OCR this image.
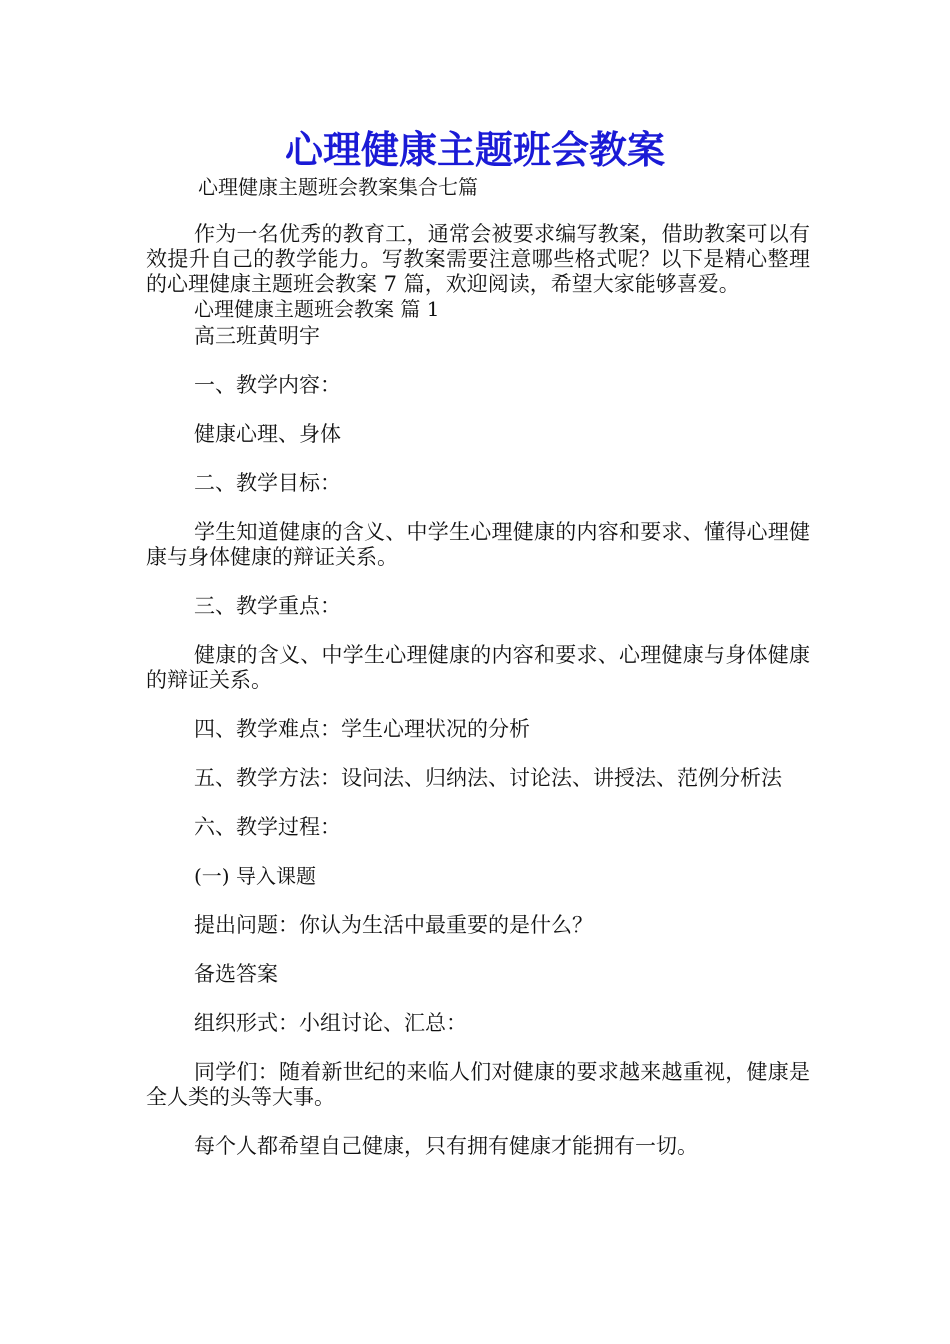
心理健康主题班会教案

心理健康主题班会教案集合七篇

作为一名优秀的教育工，通常会被要求编写教案，借助教案可以有效提升自己的教学能力。写教案需要注意哪些格式呢？以下是精心整理的心理健康主题班会教案 7 篇，欢迎阅读，希望大家能够喜爱。

心理健康主题班会教案 篇 1

高三班黄明宇

一、教学内容：

健康心理、身体

二、教学目标：

学生知道健康的含义、中学生心理健康的内容和要求、懂得心理健康与身体健康的辩证关系。

三、教学重点：

健康的含义、中学生心理健康的内容和要求、心理健康与身体健康的辩证关系。

四、教学难点：学生心理状况的分析

五、教学方法：设问法、归纳法、讨论法、讲授法、范例分析法

六、教学过程：

(一) 导入课题

提出问题：你认为生活中最重要的是什么？

备选答案

组织形式：小组讨论、汇总：

同学们：随着新世纪的来临人们对健康的要求越来越重视，健康是全人类的头等大事。

每个人都希望自己健康，只有拥有健康才能拥有一切。
